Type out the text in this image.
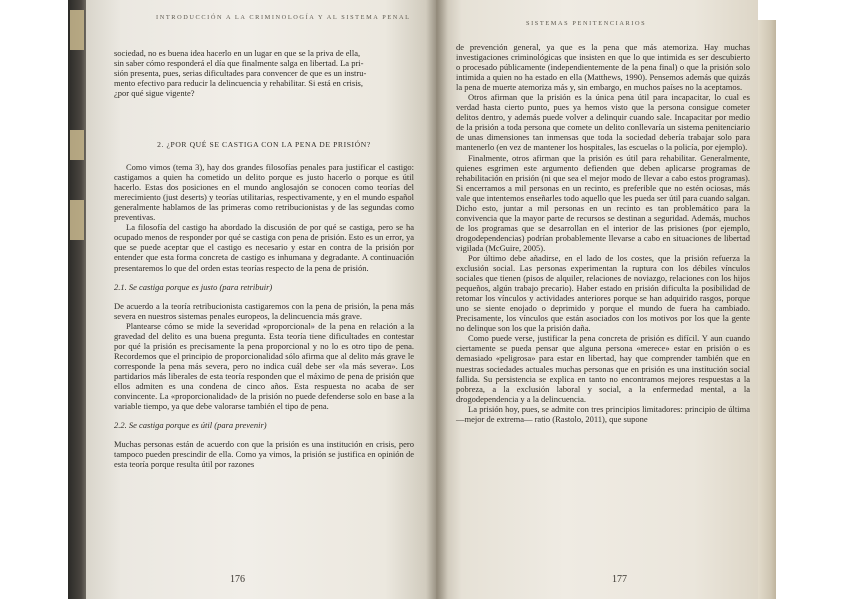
INTRODUCCIÓN A LA CRIMINOLOGÍA Y AL SISTEMA PENAL

sociedad, no es buena idea hacerlo en un lugar en que se la priva de ella,

sin saber cómo responderá el día que finalmente salga en libertad. La pri-

sión presenta, pues, serias dificultades para convencer de que es un instru-

mento efectivo para reducir la delincuencia y rehabilitar. Si está en crisis,

¿por qué sigue vigente?

2. ¿POR QUÉ SE CASTIGA CON LA PENA DE PRISIÓN?

Como vimos (tema 3), hay dos grandes filosofías penales para justificar el castigo: castigamos a quien ha cometido un delito porque es justo hacerlo o porque es útil hacerlo. Estas dos posiciones en el mundo anglosajón se conocen como teorías del merecimiento (just deserts) y teorías utilitarias, respectivamente, y en el mundo español generalmente hablamos de las primeras como retribucionistas y de las segundas como preventivas.

La filosofía del castigo ha abordado la discusión de por qué se castiga, pero se ha ocupado menos de responder por qué se castiga con pena de prisión. Esto es un error, ya que se puede aceptar que el castigo es necesario y estar en contra de la prisión por entender que esta forma concreta de castigo es inhumana y degradante. A continuación presentaremos lo que del orden estas teorías respecto de la pena de prisión.

2.1. Se castiga porque es justo (para retribuir)

De acuerdo a la teoría retribucionista castigaremos con la pena de prisión, la pena más severa en nuestros sistemas penales europeos, la delincuencia más grave.

Plantearse cómo se mide la severidad «proporcional» de la pena en relación a la gravedad del delito es una buena pregunta. Esta teoría tiene dificultades en contestar por qué la prisión es precisamente la pena proporcional y no lo es otro tipo de pena. Recordemos que el principio de proporcionalidad sólo afirma que al delito más grave le corresponde la pena más severa, pero no indica cuál debe ser «la más severa». Los partidarios más liberales de esta teoría responden que el máximo de pena de prisión que ellos admiten es una condena de cinco años. Esta respuesta no acaba de ser convincente. La «proporcionalidad» de la prisión no puede defenderse solo en base a la variable tiempo, ya que debe valorarse también el tipo de pena.

2.2. Se castiga porque es útil (para prevenir)

Muchas personas están de acuerdo con que la prisión es una institución en crisis, pero tampoco pueden prescindir de ella. Como ya vimos, la prisión se justifica en opinión de esta teoría porque resulta útil por razones

176
SISTEMAS PENITENCIARIOS

de prevención general, ya que es la pena que más atemoriza. Hay muchas investigaciones criminológicas que insisten en que lo que intimida es ser descubierto o procesado públicamente (independientemente de la pena final) o que la prisión solo intimida a quien no ha estado en ella (Matthews, 1990). Pensemos además que quizás la pena de muerte atemoriza más y, sin embargo, en muchos países no la aceptamos.

Otros afirman que la prisión es la única pena útil para incapacitar, lo cual es verdad hasta cierto punto, pues ya hemos visto que la persona consigue cometer delitos dentro, y además puede volver a delinquir cuando sale. Incapacitar por medio de la prisión a toda persona que comete un delito conllevaría un sistema penitenciario de unas dimensiones tan inmensas que toda la sociedad debería trabajar solo para mantenerlo (en vez de mantener los hospitales, las escuelas o la policía, por ejemplo).

Finalmente, otros afirman que la prisión es útil para rehabilitar. Generalmente, quienes esgrimen este argumento defienden que deben aplicarse programas de rehabilitación en prisión (ni que sea el mejor modo de llevar a cabo estos programas). Si encerramos a mil personas en un recinto, es preferible que no estén ociosas, más vale que intentemos enseñarles todo aquello que les pueda ser útil para cuando salgan. Dicho esto, juntar a mil personas en un recinto es tan problemático para la convivencia que la mayor parte de recursos se destinan a seguridad. Además, muchos de los programas que se desarrollan en el interior de las prisiones (por ejemplo, drogodependencias) podrían probablemente llevarse a cabo en situaciones de libertad vigilada (McGuire, 2005).

Por último debe añadirse, en el lado de los costes, que la prisión refuerza la exclusión social. Las personas experimentan la ruptura con los débiles vínculos sociales que tienen (pisos de alquiler, relaciones de noviazgo, relaciones con los hijos pequeños, algún trabajo precario). Haber estado en prisión dificulta la posibilidad de retomar los vínculos y actividades anteriores porque se han adquirido rasgos, porque uno se siente enojado o deprimido y porque el mundo de fuera ha cambiado. Precisamente, los vínculos que están asociados con los motivos por los que la gente no delinque son los que la prisión daña.

Como puede verse, justificar la pena concreta de prisión es difícil. Y aun cuando ciertamente se pueda pensar que alguna persona «merece» estar en prisión o es demasiado «peligrosa» para estar en libertad, hay que comprender también que en nuestras sociedades actuales muchas personas que en prisión es una institución social fallida. Su persistencia se explica en tanto no encontramos mejores respuestas a la pobreza, a la exclusión laboral y social, a la enfermedad mental, a la drogodependencia y a la delincuencia.

La prisión hoy, pues, se admite con tres principios limitadores: principio de última —mejor de extrema— ratio (Rastolo, 2011), que supone

177
